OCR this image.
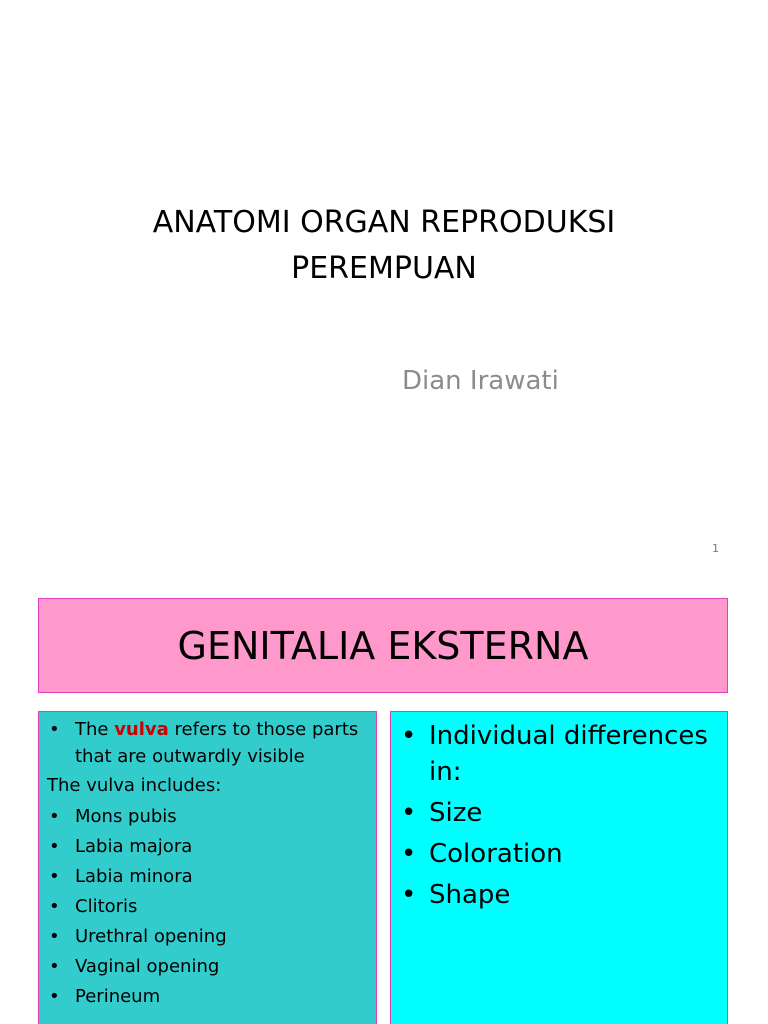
ANATOMI ORGAN REPRODUKSI
PEREMPUAN
Dian Irawati
1
GENITALIA EKSTERNA
• The vulva refers to those parts that are outwardly visible
The vulva includes:
• Mons pubis
• Labia majora
• Labia minora
• Clitoris
• Urethral opening
• Vaginal opening
• Perineum
• Individual differences in:
• Size
• Coloration
• Shape
